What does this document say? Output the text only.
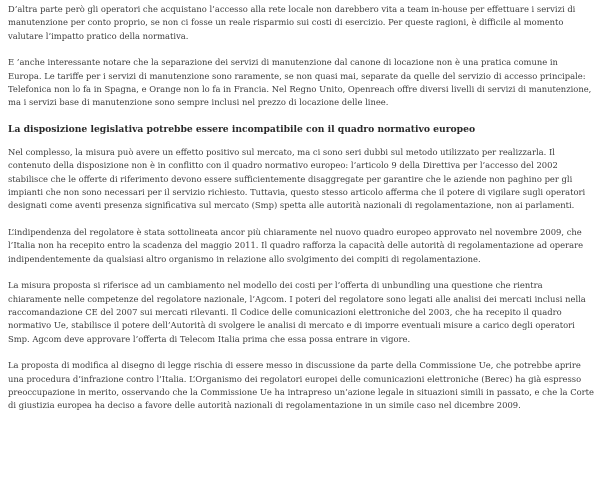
D’altra parte però gli operatori che acquistano l’accesso alla rete locale non darebbero vita a team in-house per effettuare i servizi di manutenzione per conto proprio, se non ci fosse un reale risparmio sui costi di esercizio. Per queste ragioni, è difficile al momento valutare l’impatto pratico della normativa.

E ’anche interessante notare che la separazione dei servizi di manutenzione dal canone di locazione non è una pratica comune in Europa. Le tariffe per i servizi di manutenzione sono raramente, se non quasi mai, separate da quelle del servizio di accesso principale: Telefonica non lo fa in Spagna, e Orange non lo fa in Francia. Nel Regno Unito, Openreach offre diversi livelli di servizi di manutenzione, ma i servizi base di manutenzione sono sempre inclusi nel prezzo di locazione delle linee.

La disposizione legislativa potrebbe essere incompatibile con il quadro normativo europeo

Nel complesso, la misura può avere un effetto positivo sul mercato, ma ci sono seri dubbi sul metodo utilizzato per realizzarla. Il contenuto della disposizione non è in conflitto con il quadro normativo europeo: l’articolo 9 della Direttiva per l’accesso del 2002 stabilisce che le offerte di riferimento devono essere sufficientemente disaggregate per garantire che le aziende non paghino per gli impianti che non sono necessari per il servizio richiesto. Tuttavia, questo stesso articolo afferma che il potere di vigilare sugli operatori designati come aventi presenza significativa sul mercato (Smp) spetta alle autorità nazionali di regolamentazione, non ai parlamenti.

L’indipendenza del regolatore è stata sottolineata ancor più chiaramente nel nuovo quadro europeo approvato nel novembre 2009, che l’Italia non ha recepito entro la scadenza del maggio 2011. Il quadro rafforza la capacità delle autorità di regolamentazione ad operare indipendentemente da qualsiasi altro organismo in relazione allo svolgimento dei compiti di regolamentazione.

La misura proposta si riferisce ad un cambiamento nel modello dei costi per l’offerta di unbundling una questione che rientra chiaramente nelle competenze del regolatore nazionale, l’Agcom. I poteri del regolatore sono legati alle analisi dei mercati inclusi nella raccomandazione CE del 2007 sui mercati rilevanti. Il Codice delle comunicazioni elettroniche del 2003, che ha recepito il quadro normativo Ue, stabilisce il potere dell’Autorità di svolgere le analisi di mercato e di imporre eventuali misure a carico degli operatori Smp. Agcom deve approvare l’offerta di Telecom Italia prima che essa possa entrare in vigore.

La proposta di modifica al disegno di legge rischia di essere messo in discussione da parte della Commissione Ue, che potrebbe aprire una procedura d’infrazione contro l’Italia. L’Organismo dei regolatori europei delle comunicazioni elettroniche (Berec) ha già espresso preoccupazione in merito, osservando che la Commissione Ue ha intrapreso un’azione legale in situazioni simili in passato, e che la Corte di giustizia europea ha deciso a favore delle autorità nazionali di regolamentazione in un simile caso nel dicembre 2009.
